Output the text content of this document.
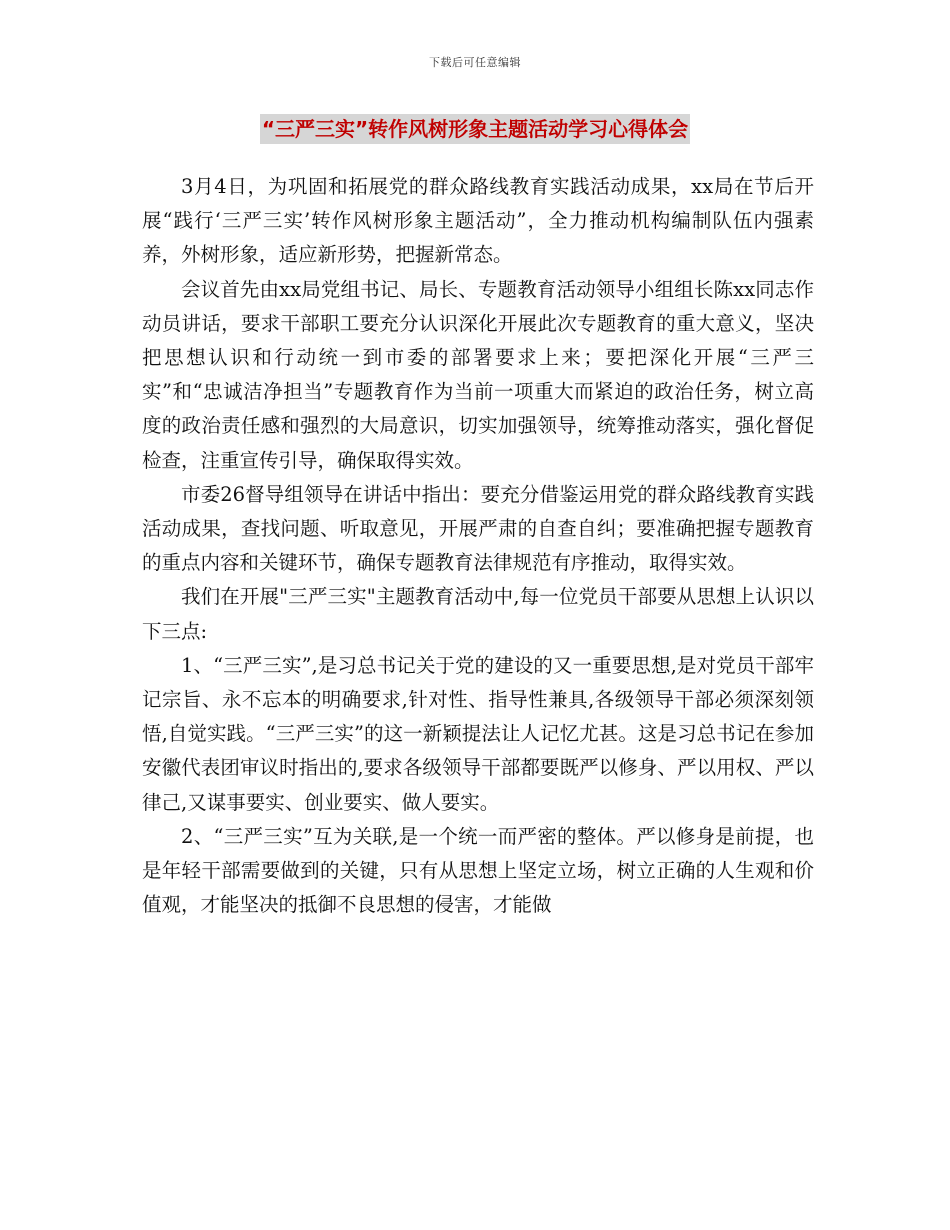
下载后可任意编辑
“三严三实”转作风树形象主题活动学习心得体会

3月4日，为巩固和拓展党的群众路线教育实践活动成果，xx局在节后开展“践行‘三严三实’转作风树形象主题活动”，全力推动机构编制队伍内强素养，外树形象，适应新形势，把握新常态。

会议首先由xx局党组书记、局长、专题教育活动领导小组组长陈xx同志作动员讲话，要求干部职工要充分认识深化开展此次专题教育的重大意义，坚决把思想认识和行动统一到市委的部署要求上来；要把深化开展“三严三实”和“忠诚洁净担当”专题教育作为当前一项重大而紧迫的政治任务，树立高度的政治责任感和强烈的大局意识，切实加强领导，统筹推动落实，强化督促检查，注重宣传引导，确保取得实效。

市委26督导组领导在讲话中指出：要充分借鉴运用党的群众路线教育实践活动成果，查找问题、听取意见，开展严肃的自查自纠；要准确把握专题教育的重点内容和关键环节，确保专题教育法律规范有序推动，取得实效。

我们在开展"三严三实"主题教育活动中,每一位党员干部要从思想上认识以下三点:

1、“三严三实”,是习总书记关于党的建设的又一重要思想,是对党员干部牢记宗旨、永不忘本的明确要求,针对性、指导性兼具,各级领导干部必须深刻领悟,自觉实践。“三严三实”的这一新颖提法让人记忆尤甚。这是习总书记在参加安徽代表团审议时指出的,要求各级领导干部都要既严以修身、严以用权、严以律己,又谋事要实、创业要实、做人要实。

2、“三严三实”互为关联,是一个统一而严密的整体。严以修身是前提，也是年轻干部需要做到的关键，只有从思想上坚定立场，树立正确的人生观和价值观，才能坚决的抵御不良思想的侵害，才能做
